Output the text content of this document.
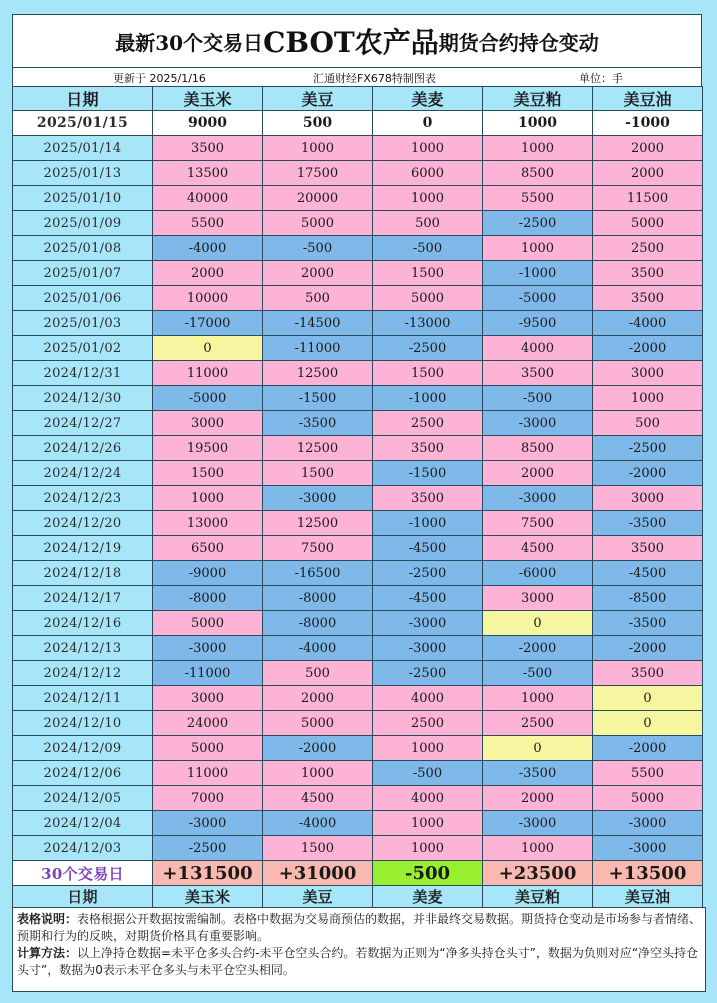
最新30个交易日 CBOT农产品 期货合约持仓变动
更新于 2025/1/16	汇通财经FX678特制图表	单位：手
日期	美玉米	美豆	美麦	美豆粕	美豆油
2025/01/15	9000	500	0	1000	-1000
2025/01/14	3500	1000	1000	1000	2000
2025/01/13	13500	17500	6000	8500	2000
2025/01/10	40000	20000	1000	5500	11500
2025/01/09	5500	5000	500	-2500	5000
2025/01/08	-4000	-500	-500	1000	2500
2025/01/07	2000	2000	1500	-1000	3500
2025/01/06	10000	500	5000	-5000	3500
2025/01/03	-17000	-14500	-13000	-9500	-4000
2025/01/02	0	-11000	-2500	4000	-2000
2024/12/31	11000	12500	1500	3500	3000
2024/12/30	-5000	-1500	-1000	-500	1000
2024/12/27	3000	-3500	2500	-3000	500
2024/12/26	19500	12500	3500	8500	-2500
2024/12/24	1500	1500	-1500	2000	-2000
2024/12/23	1000	-3000	3500	-3000	3000
2024/12/20	13000	12500	-1000	7500	-3500
2024/12/19	6500	7500	-4500	4500	3500
2024/12/18	-9000	-16500	-2500	-6000	-4500
2024/12/17	-8000	-8000	-4500	3000	-8500
2024/12/16	5000	-8000	-3000	0	-3500
2024/12/13	-3000	-4000	-3000	-2000	-2000
2024/12/12	-11000	500	-2500	-500	3500
2024/12/11	3000	2000	4000	1000	0
2024/12/10	24000	5000	2500	2500	0
2024/12/09	5000	-2000	1000	0	-2000
2024/12/06	11000	1000	-500	-3500	5500
2024/12/05	7000	4500	4000	2000	5000
2024/12/04	-3000	-4000	1000	-3000	-3000
2024/12/03	-2500	1500	1000	1000	-3000
30个交易日	+131500	+31000	-500	+23500	+13500
日期	美玉米	美豆	美麦	美豆粕	美豆油
表格说明：表格根据公开数据按需编制。表格中数据为交易商预估的数据，并非最终交易数据。期货持仓变动是市场参与者情绪、预期和行为的反映，对期货价格具有重要影响。
计算方法：以上净持仓数据=未平仓多头合约-未平仓空头合约。若数据为正则为“净多头持仓头寸”，数据为负则对应“净空头持仓头寸”，数据为0表示未平仓多头与未平仓空头相同。
